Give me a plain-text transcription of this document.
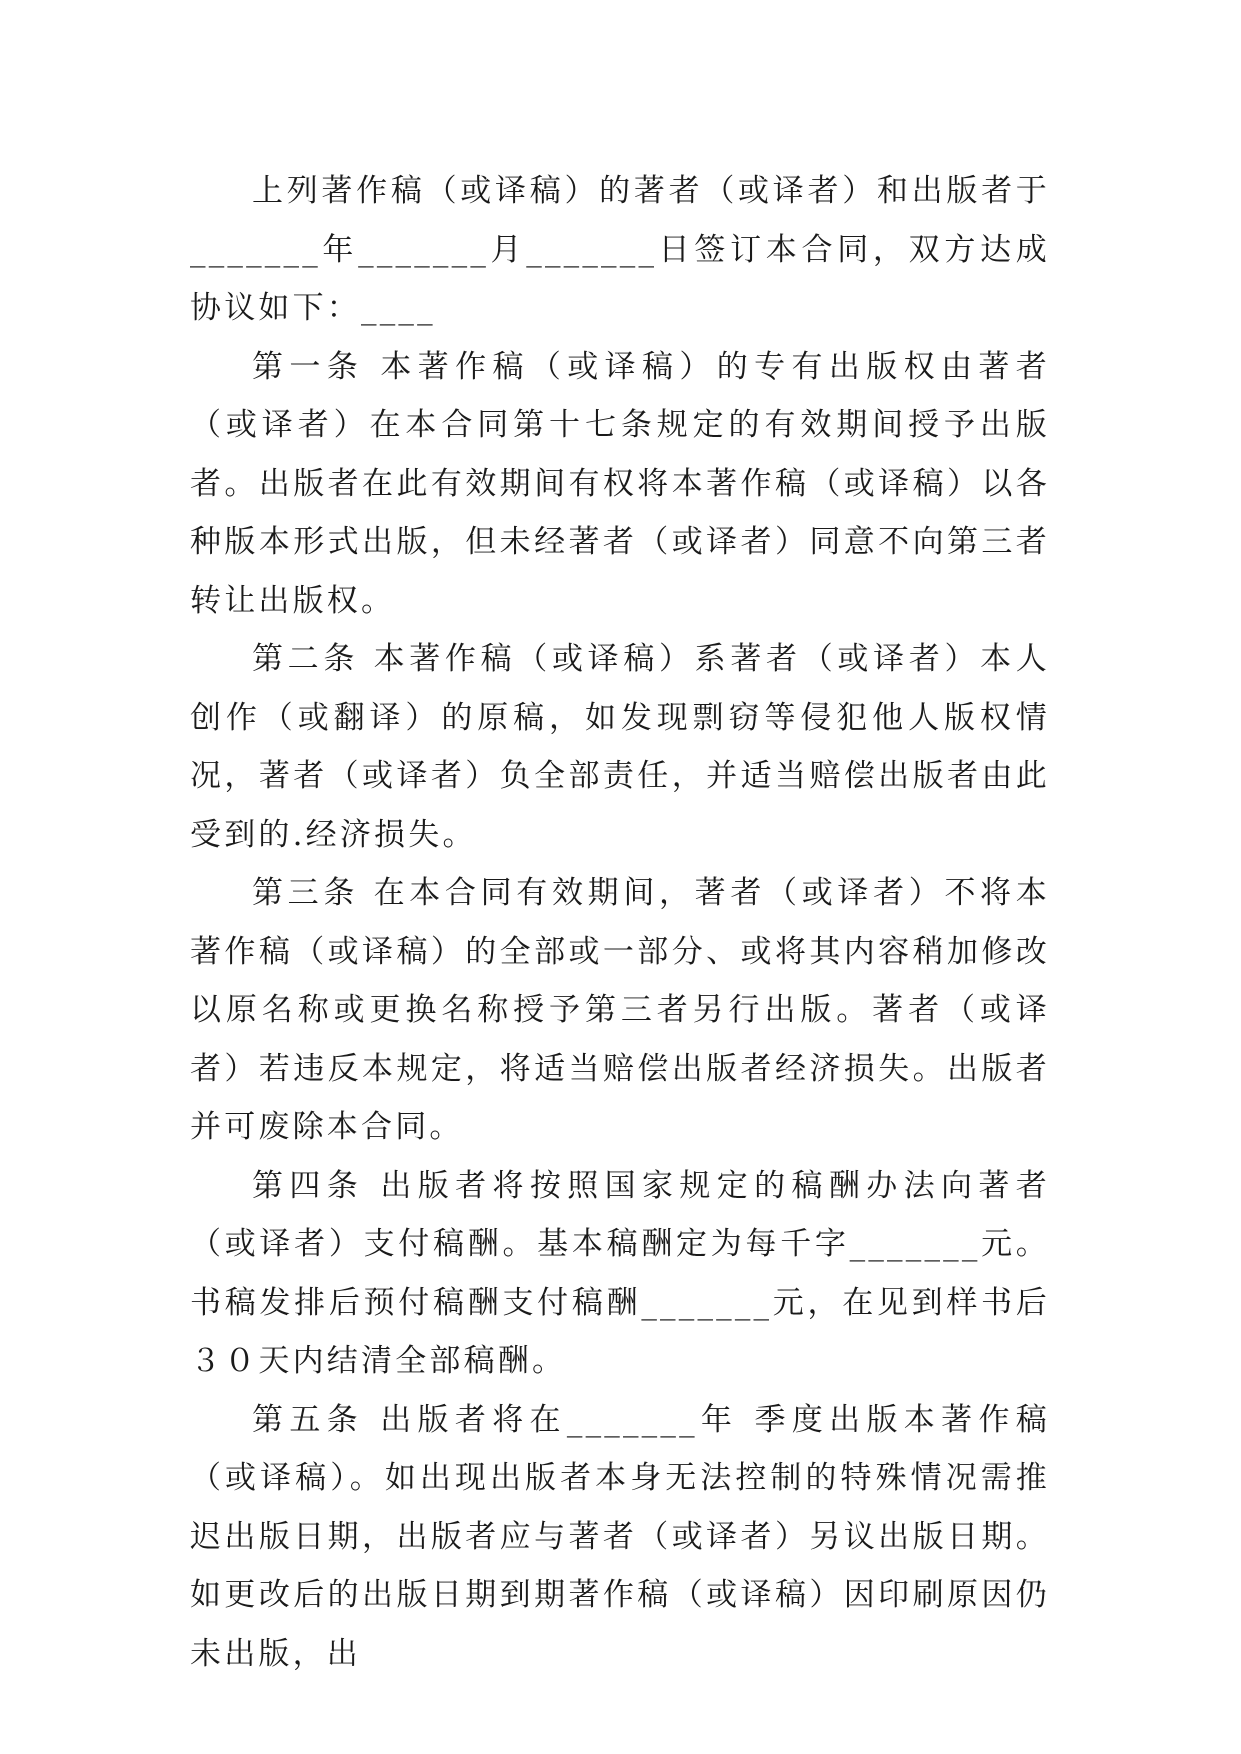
上列著作稿（或译稿）的著者（或译者）和出版者于_______年_______月_______日签订本合同，双方达成协议如下：____

第一条 本著作稿（或译稿）的专有出版权由著者（或译者）在本合同第十七条规定的有效期间授予出版者。出版者在此有效期间有权将本著作稿（或译稿）以各种版本形式出版，但未经著者（或译者）同意不向第三者转让出版权。

第二条 本著作稿（或译稿）系著者（或译者）本人创作（或翻译）的原稿，如发现剽窃等侵犯他人版权情况，著者（或译者）负全部责任，并适当赔偿出版者由此受到的.经济损失。

第三条 在本合同有效期间，著者（或译者）不将本著作稿（或译稿）的全部或一部分、或将其内容稍加修改以原名称或更换名称授予第三者另行出版。著者（或译者）若违反本规定，将适当赔偿出版者经济损失。出版者并可废除本合同。

第四条 出版者将按照国家规定的稿酬办法向著者（或译者）支付稿酬。基本稿酬定为每千字_______元。书稿发排后预付稿酬支付稿酬_______元，在见到样书后３０天内结清全部稿酬。

第五条 出版者将在_______年 季度出版本著作稿（或译稿）。如出现出版者本身无法控制的特殊情况需推迟出版日期，出版者应与著者（或译者）另议出版日期。如更改后的出版日期到期著作稿（或译稿）因印刷原因仍未出版，出
